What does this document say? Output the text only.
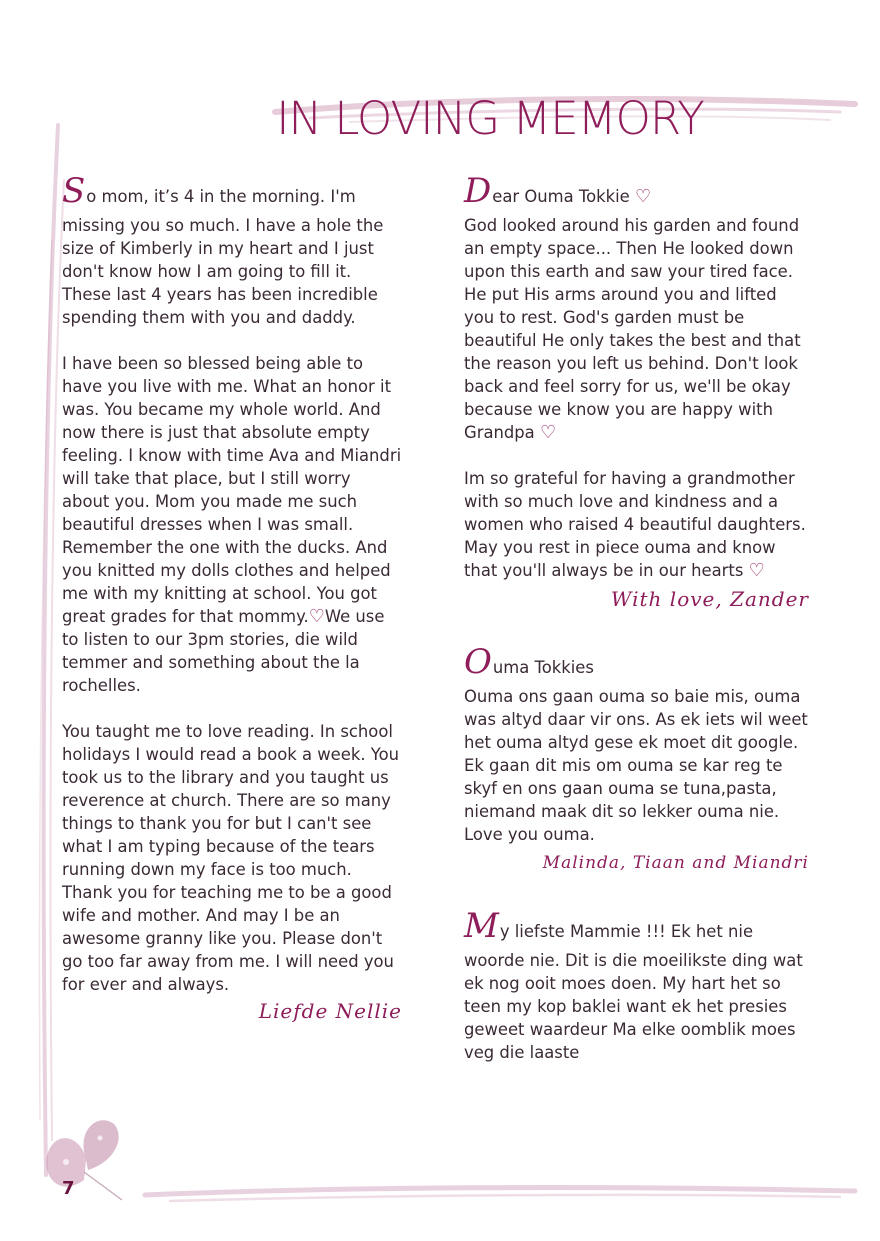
IN LOVING MEMORY
So mom, it’s 4 in the morning. I'm

missing you so much. I have a hole the size of Kimberly in my heart and I just don't know how I am going to fill it. These last 4 years has been incredible spending them with you and daddy.

I have been so blessed being able to have you live with me. What an honor it was. You became my whole world. And now there is just that absolute empty feeling. I know with time Ava and Miandri will take that place, but I still worry about you. Mom you made me such beautiful dresses when I was small. Remember the one with the ducks. And you knitted my dolls clothes and helped me with my knitting at school. You got great grades for that mommy.♡We use to listen to our 3pm stories, die wild temmer and something about the la rochelles.

You taught me to love reading. In school holidays I would read a book a week. You took us to the library and you taught us reverence at church. There are so many things to thank you for but I can't see what I am typing because of the tears running down my face is too much. Thank you for teaching me to be a good wife and mother. And may I be an awesome granny like you. Please don't go too far away from me. I will need you for ever and always.

Liefde Nellie
Dear Ouma Tokkie ♡

God looked around his garden and found an empty space... Then He looked down upon this earth and saw your tired face. He put His arms around you and lifted you to rest. God's garden must be beautiful He only takes the best and that the reason you left us behind. Don't look back and feel sorry for us, we'll be okay because we know you are happy with Grandpa ♡

Im so grateful for having a grandmother with so much love and kindness and a women who raised 4 beautiful daughters. May you rest in piece ouma and know that you'll always be in our hearts ♡

With love, Zander
Ouma Tokkies

Ouma ons gaan ouma so baie mis, ouma was altyd daar vir ons. As ek iets wil weet het ouma altyd gese ek moet dit google. Ek gaan dit mis om ouma se kar reg te skyf en ons gaan ouma se tuna,pasta, niemand maak dit so lekker ouma nie. Love you ouma.

Malinda, Tiaan and Miandri
My liefste Mammie !!! Ek het nie

woorde nie. Dit is die moeilikste ding wat ek nog ooit moes doen. My hart het so teen my kop baklei want ek het presies geweet waardeur Ma elke oomblik moes veg die laaste

7
